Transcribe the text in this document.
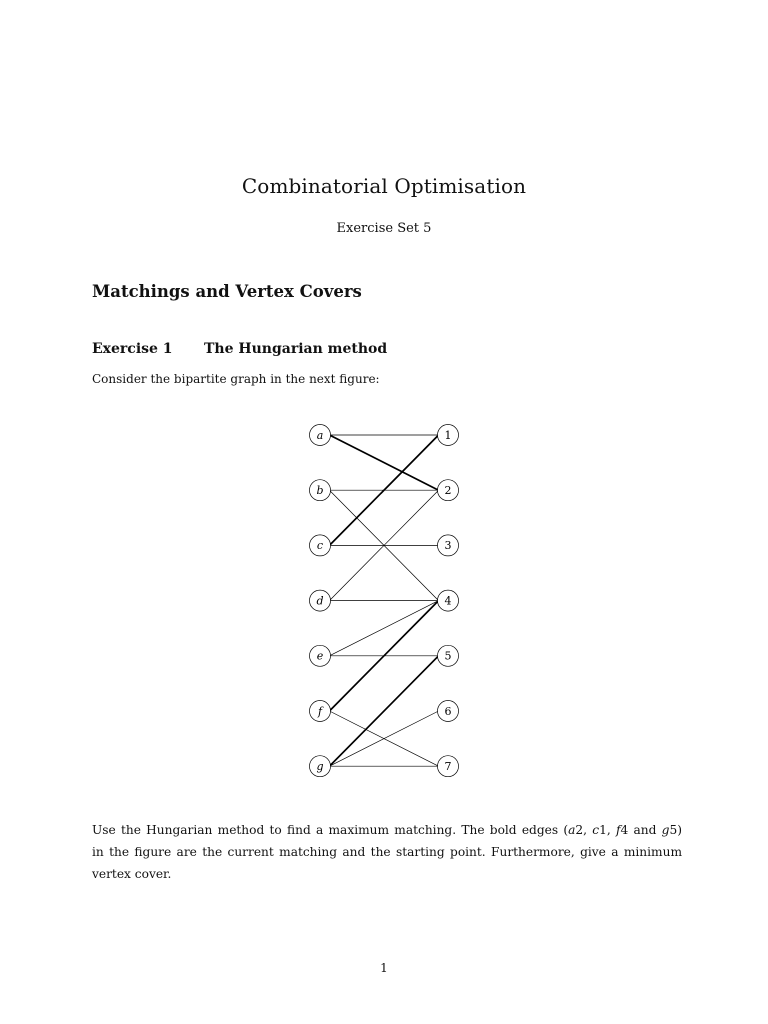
Combinatorial Optimisation
Exercise Set 5
Matchings and Vertex Covers
Exercise 1 The Hungarian method
Consider the bipartite graph in the next figure:
a
b
c
d
e
f
g
1
2
3
4
5
6
7
Use the Hungarian method to find a maximum matching. The bold edges (a2, c1, f4 and g5)
in the figure are the current matching and the starting point. Furthermore, give a minimum
vertex cover.
1
